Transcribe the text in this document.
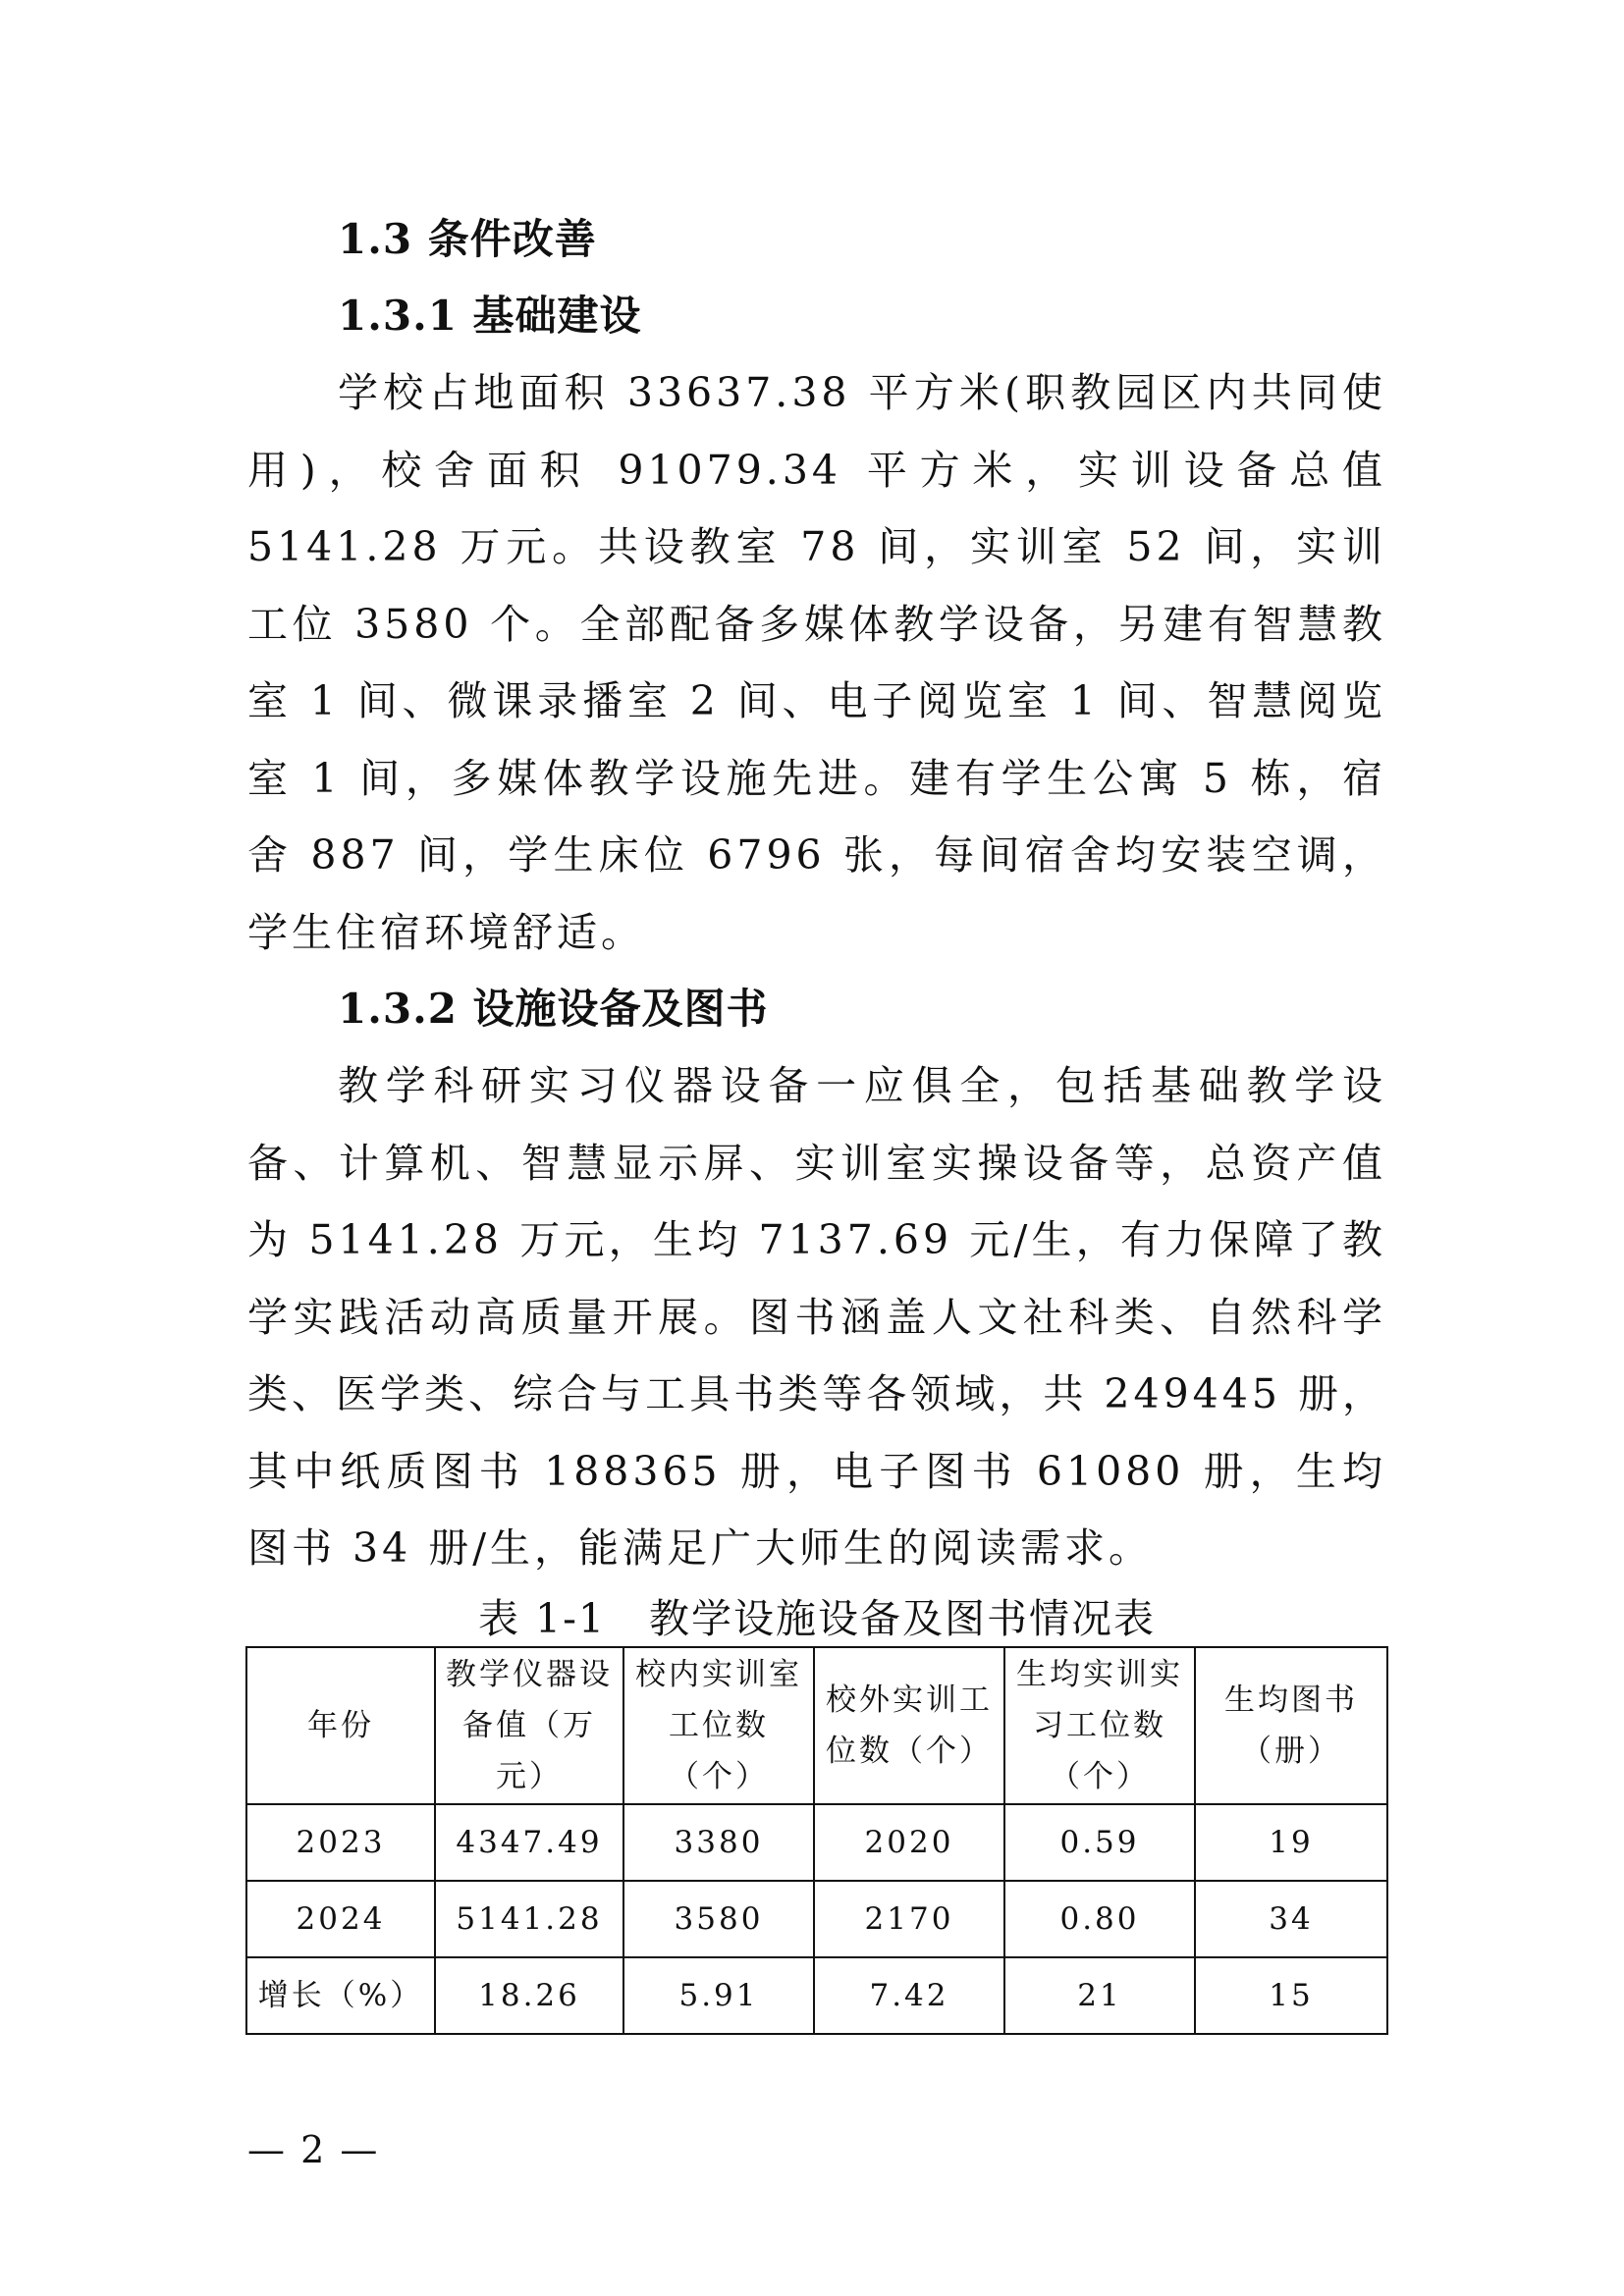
1.3 条件改善
1.3.1 基础建设

学校占地面积 33637.38 平方米(职教园区内共同使用)，校舍面积 91079.34 平方米，实训设备总值 5141.28 万元。共设教室 78 间，实训室 52 间，实训工位 3580 个。全部配备多媒体教学设备，另建有智慧教室 1 间、微课录播室 2 间、电子阅览室 1 间、智慧阅览室 1 间，多媒体教学设施先进。建有学生公寓 5 栋，宿舍 887 间，学生床位 6796 张，每间宿舍均安装空调，学生住宿环境舒适。

1.3.2 设施设备及图书

教学科研实习仪器设备一应俱全，包括基础教学设备、计算机、智慧显示屏、实训室实操设备等，总资产值为 5141.28 万元，生均 7137.69 元/生，有力保障了教学实践活动高质量开展。图书涵盖人文社科类、自然科学类、医学类、综合与工具书类等各领域，共 249445 册，其中纸质图书 188365 册，电子图书 61080 册，生均图书 34 册/生，能满足广大师生的阅读需求。

表 1-1 教学设施设备及图书情况表
年份	教学仪器设备值（万元）	校内实训室工位数（个）	校外实训工位数（个）	生均实训实习工位数（个）	生均图书（册）
2023	4347.49	3380	2020	0.59	19
2024	5141.28	3580	2170	0.80	34
增长（%）	18.26	5.91	7.42	21	15
— 2 —
